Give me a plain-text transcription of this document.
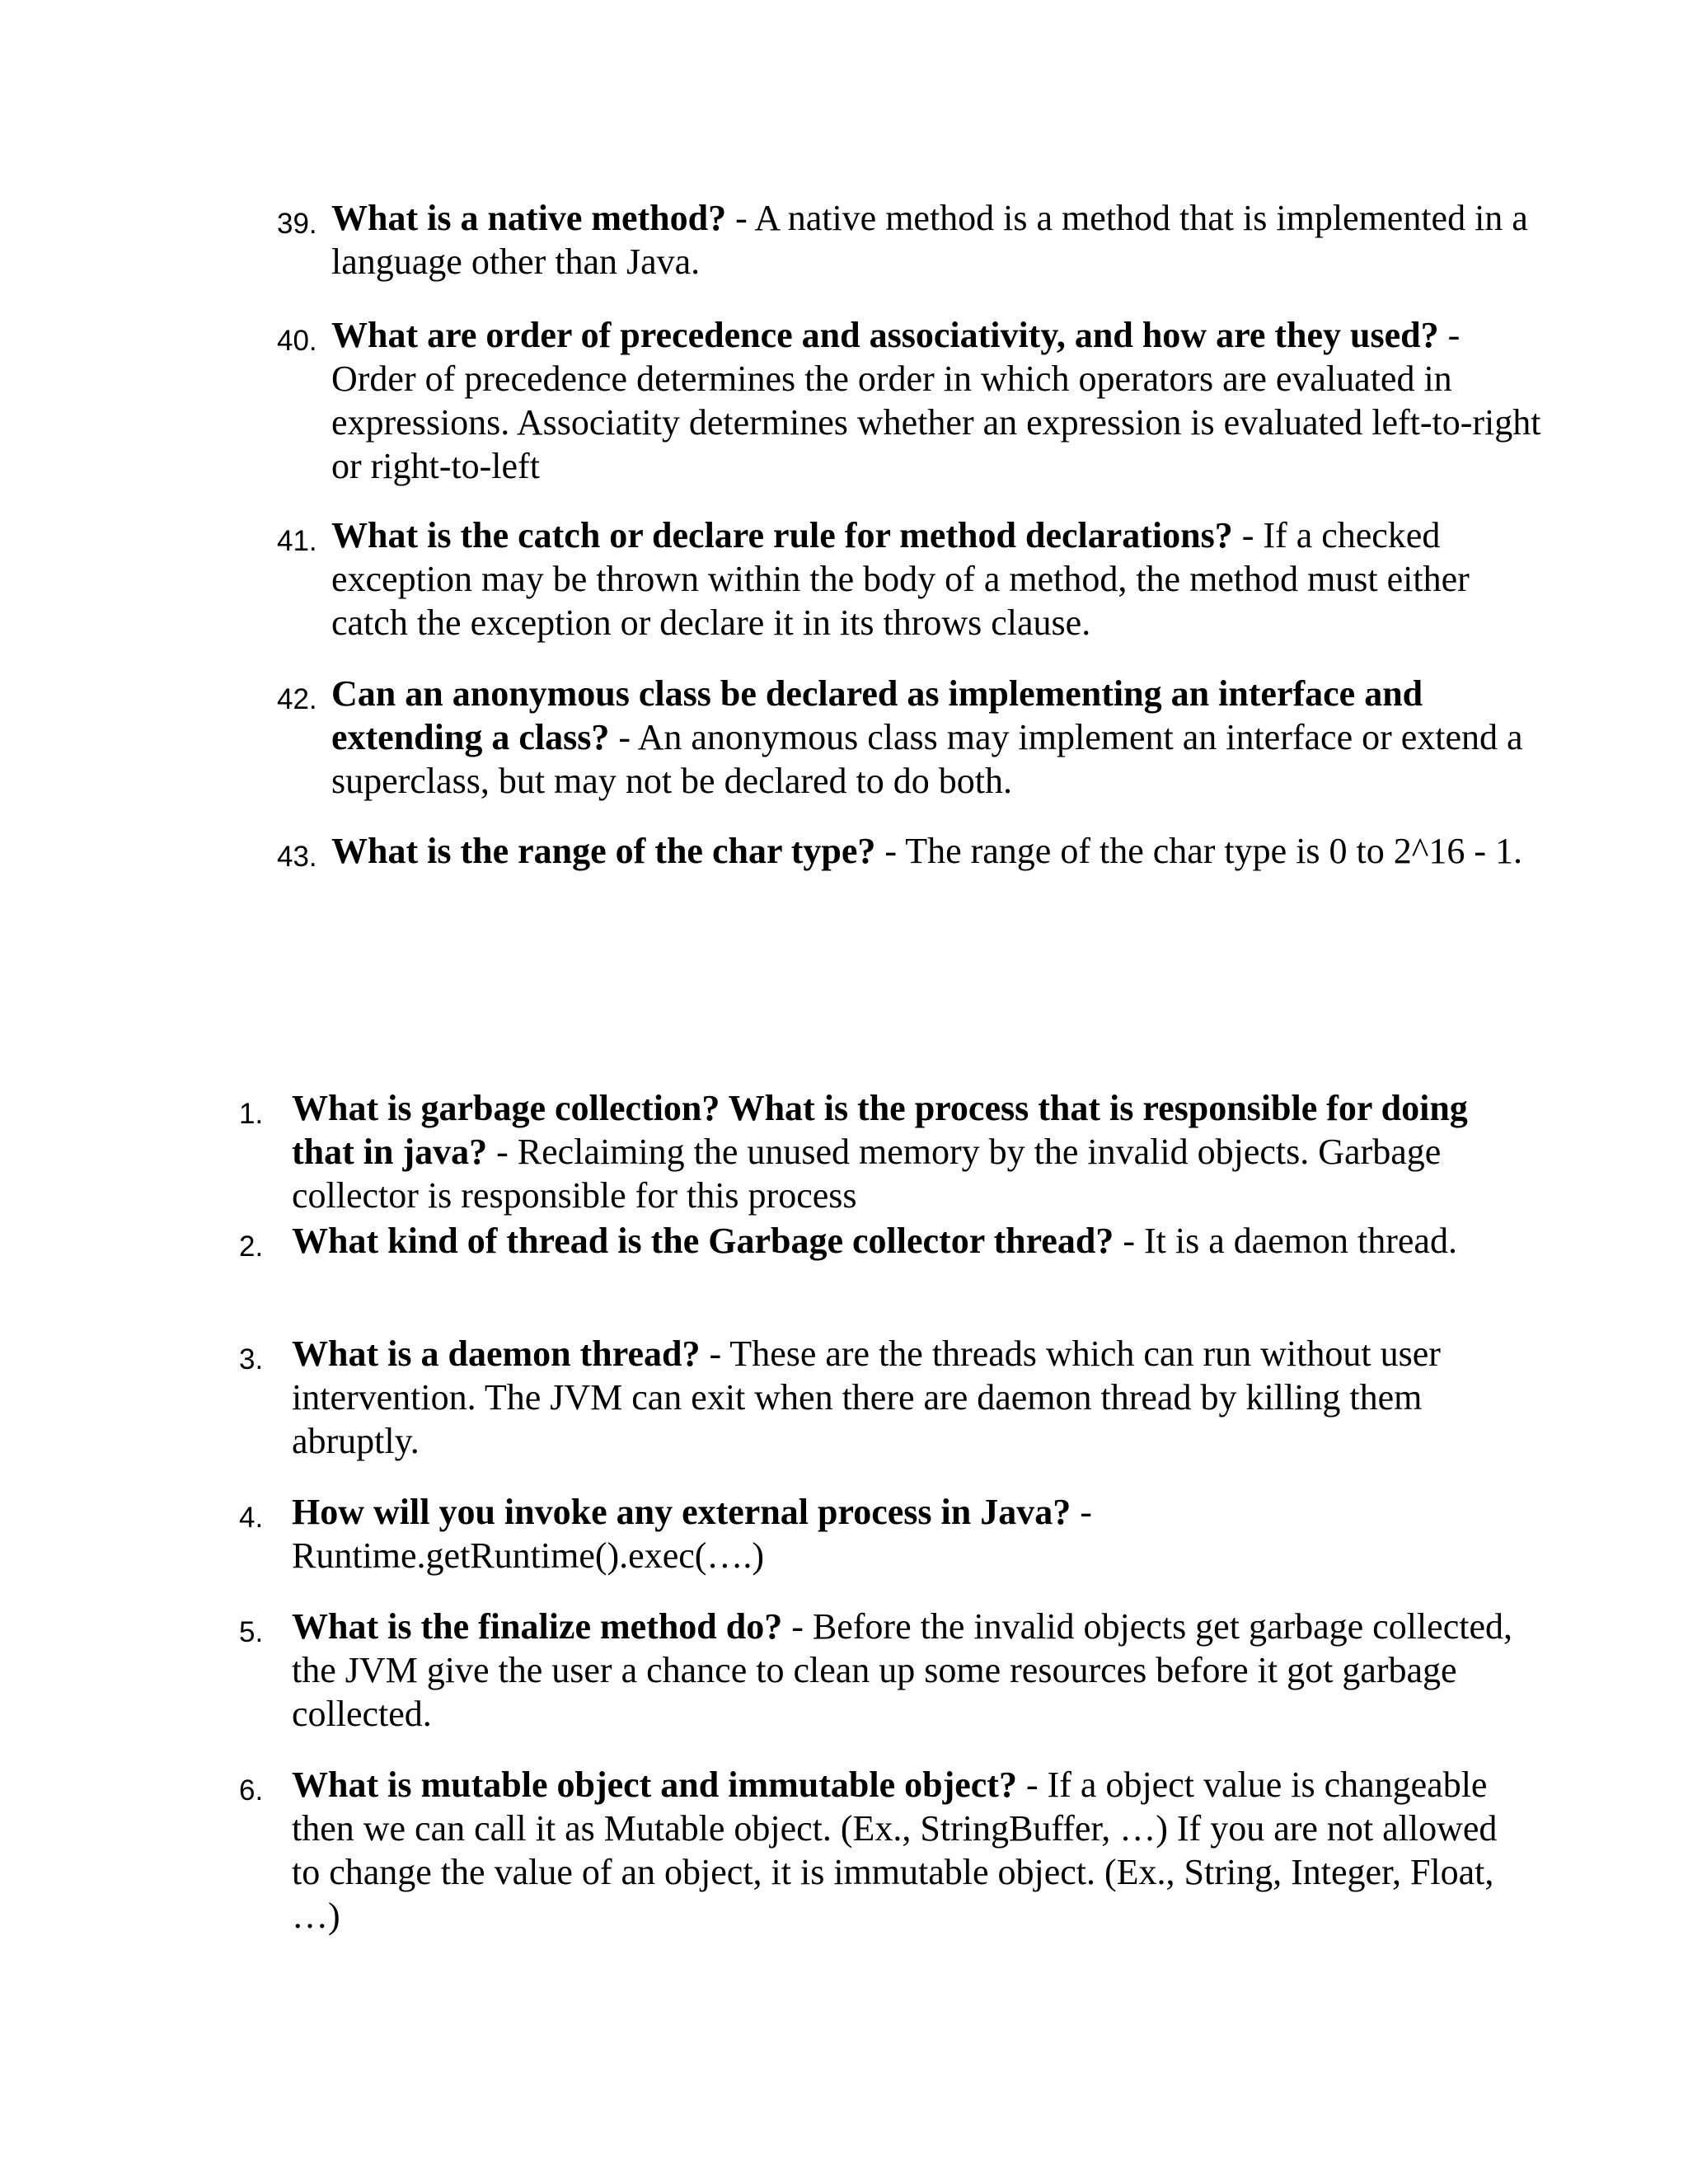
39. What is a native method? - A native method is a method that is implemented in a language other than Java.
40. What are order of precedence and associativity, and how are they used? - Order of precedence determines the order in which operators are evaluated in expressions. Associatity determines whether an expression is evaluated left-to-right or right-to-left
41. What is the catch or declare rule for method declarations? - If a checked exception may be thrown within the body of a method, the method must either catch the exception or declare it in its throws clause.
42. Can an anonymous class be declared as implementing an interface and extending a class? - An anonymous class may implement an interface or extend a superclass, but may not be declared to do both.
43. What is the range of the char type? - The range of the char type is 0 to 2^16 - 1.
1. What is garbage collection? What is the process that is responsible for doing that in java? - Reclaiming the unused memory by the invalid objects. Garbage collector is responsible for this process
2. What kind of thread is the Garbage collector thread? - It is a daemon thread.
3. What is a daemon thread? - These are the threads which can run without user intervention. The JVM can exit when there are daemon thread by killing them abruptly.
4. How will you invoke any external process in Java? - Runtime.getRuntime().exec(….)
5. What is the finalize method do? - Before the invalid objects get garbage collected, the JVM give the user a chance to clean up some resources before it got garbage collected.
6. What is mutable object and immutable object? - If a object value is changeable then we can call it as Mutable object. (Ex., StringBuffer, …) If you are not allowed to change the value of an object, it is immutable object. (Ex., String, Integer, Float, …)
